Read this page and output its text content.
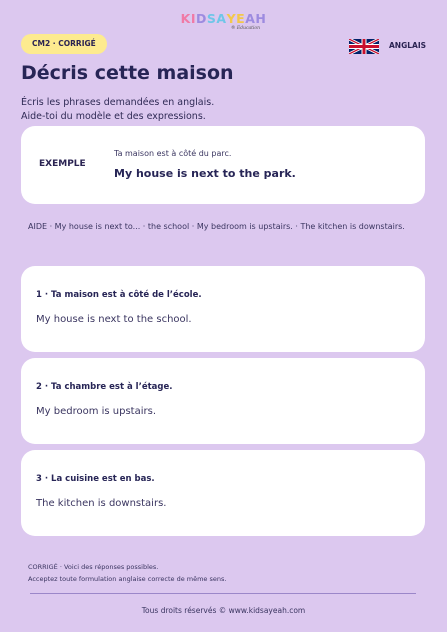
KIDSAYEAH
® Education
CM2 · CORRIGÉ	ANGLAIS
Décris cette maison
Écris les phrases demandées en anglais.
Aide-toi du modèle et des expressions.
EXEMPLE
Ta maison est à côté du parc.
My house is next to the park.
AIDE · My house is next to... · the school · My bedroom is upstairs. · The kitchen is downstairs.
1 · Ta maison est à côté de l’école.
My house is next to the school.
2 · Ta chambre est à l’étage.
My bedroom is upstairs.
3 · La cuisine est en bas.
The kitchen is downstairs.
CORRIGÉ · Voici des réponses possibles.
Acceptez toute formulation anglaise correcte de même sens.
Tous droits réservés © www.kidsayeah.com
